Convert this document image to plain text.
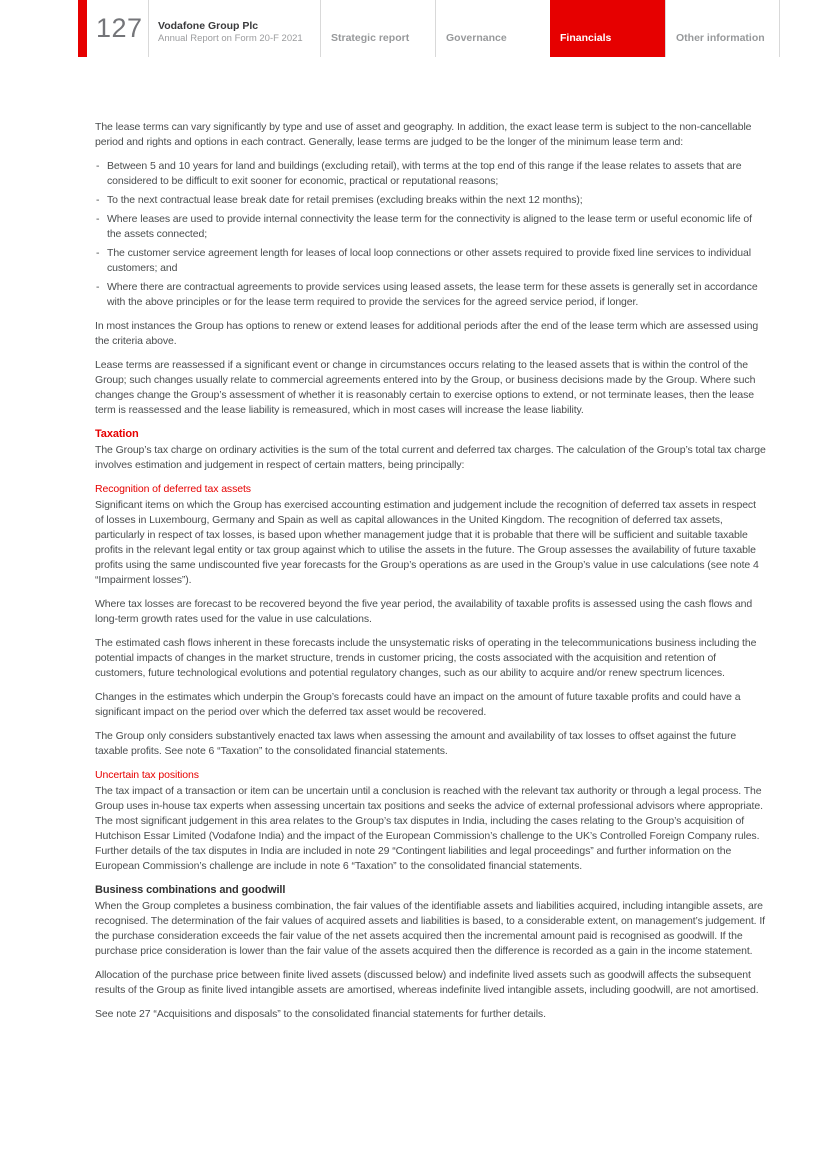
127	Vodafone Group Plc
Annual Report on Form 20-F 2021	Strategic report	Governance	Financials	Other information

The lease terms can vary significantly by type and use of asset and geography. In addition, the exact lease term is subject to the non-cancellable period and rights and options in each contract. Generally, lease terms are judged to be the longer of the minimum lease term and:

- Between 5 and 10 years for land and buildings (excluding retail), with terms at the top end of this range if the lease relates to assets that are considered to be difficult to exit sooner for economic, practical or reputational reasons;
- To the next contractual lease break date for retail premises (excluding breaks within the next 12 months);
- Where leases are used to provide internal connectivity the lease term for the connectivity is aligned to the lease term or useful economic life of the assets connected;
- The customer service agreement length for leases of local loop connections or other assets required to provide fixed line services to individual customers; and
- Where there are contractual agreements to provide services using leased assets, the lease term for these assets is generally set in accordance with the above principles or for the lease term required to provide the services for the agreed service period, if longer.

In most instances the Group has options to renew or extend leases for additional periods after the end of the lease term which are assessed using the criteria above.

Lease terms are reassessed if a significant event or change in circumstances occurs relating to the leased assets that is within the control of the Group; such changes usually relate to commercial agreements entered into by the Group, or business decisions made by the Group. Where such changes change the Group’s assessment of whether it is reasonably certain to exercise options to extend, or not terminate leases, then the lease term is reassessed and the lease liability is remeasured, which in most cases will increase the lease liability.

Taxation

The Group’s tax charge on ordinary activities is the sum of the total current and deferred tax charges. The calculation of the Group’s total tax charge involves estimation and judgement in respect of certain matters, being principally:

Recognition of deferred tax assets

Significant items on which the Group has exercised accounting estimation and judgement include the recognition of deferred tax assets in respect of losses in Luxembourg, Germany and Spain as well as capital allowances in the United Kingdom. The recognition of deferred tax assets, particularly in respect of tax losses, is based upon whether management judge that it is probable that there will be sufficient and suitable taxable profits in the relevant legal entity or tax group against which to utilise the assets in the future. The Group assesses the availability of future taxable profits using the same undiscounted five year forecasts for the Group’s operations as are used in the Group’s value in use calculations (see note 4 “Impairment losses”).

Where tax losses are forecast to be recovered beyond the five year period, the availability of taxable profits is assessed using the cash flows and long-term growth rates used for the value in use calculations.

The estimated cash flows inherent in these forecasts include the unsystematic risks of operating in the telecommunications business including the potential impacts of changes in the market structure, trends in customer pricing, the costs associated with the acquisition and retention of customers, future technological evolutions and potential regulatory changes, such as our ability to acquire and/or renew spectrum licences.

Changes in the estimates which underpin the Group’s forecasts could have an impact on the amount of future taxable profits and could have a significant impact on the period over which the deferred tax asset would be recovered.

The Group only considers substantively enacted tax laws when assessing the amount and availability of tax losses to offset against the future taxable profits. See note 6 “Taxation” to the consolidated financial statements.

Uncertain tax positions

The tax impact of a transaction or item can be uncertain until a conclusion is reached with the relevant tax authority or through a legal process. The Group uses in-house tax experts when assessing uncertain tax positions and seeks the advice of external professional advisors where appropriate. The most significant judgement in this area relates to the Group’s tax disputes in India, including the cases relating to the Group’s acquisition of Hutchison Essar Limited (Vodafone India) and the impact of the European Commission’s challenge to the UK’s Controlled Foreign Company rules. Further details of the tax disputes in India are included in note 29 “Contingent liabilities and legal proceedings” and further information on the European Commission’s challenge are include in note 6 “Taxation” to the consolidated financial statements.

Business combinations and goodwill

When the Group completes a business combination, the fair values of the identifiable assets and liabilities acquired, including intangible assets, are recognised. The determination of the fair values of acquired assets and liabilities is based, to a considerable extent, on management’s judgement. If the purchase consideration exceeds the fair value of the net assets acquired then the incremental amount paid is recognised as goodwill. If the purchase price consideration is lower than the fair value of the assets acquired then the difference is recorded as a gain in the income statement.

Allocation of the purchase price between finite lived assets (discussed below) and indefinite lived assets such as goodwill affects the subsequent results of the Group as finite lived intangible assets are amortised, whereas indefinite lived intangible assets, including goodwill, are not amortised.

See note 27 “Acquisitions and disposals” to the consolidated financial statements for further details.
